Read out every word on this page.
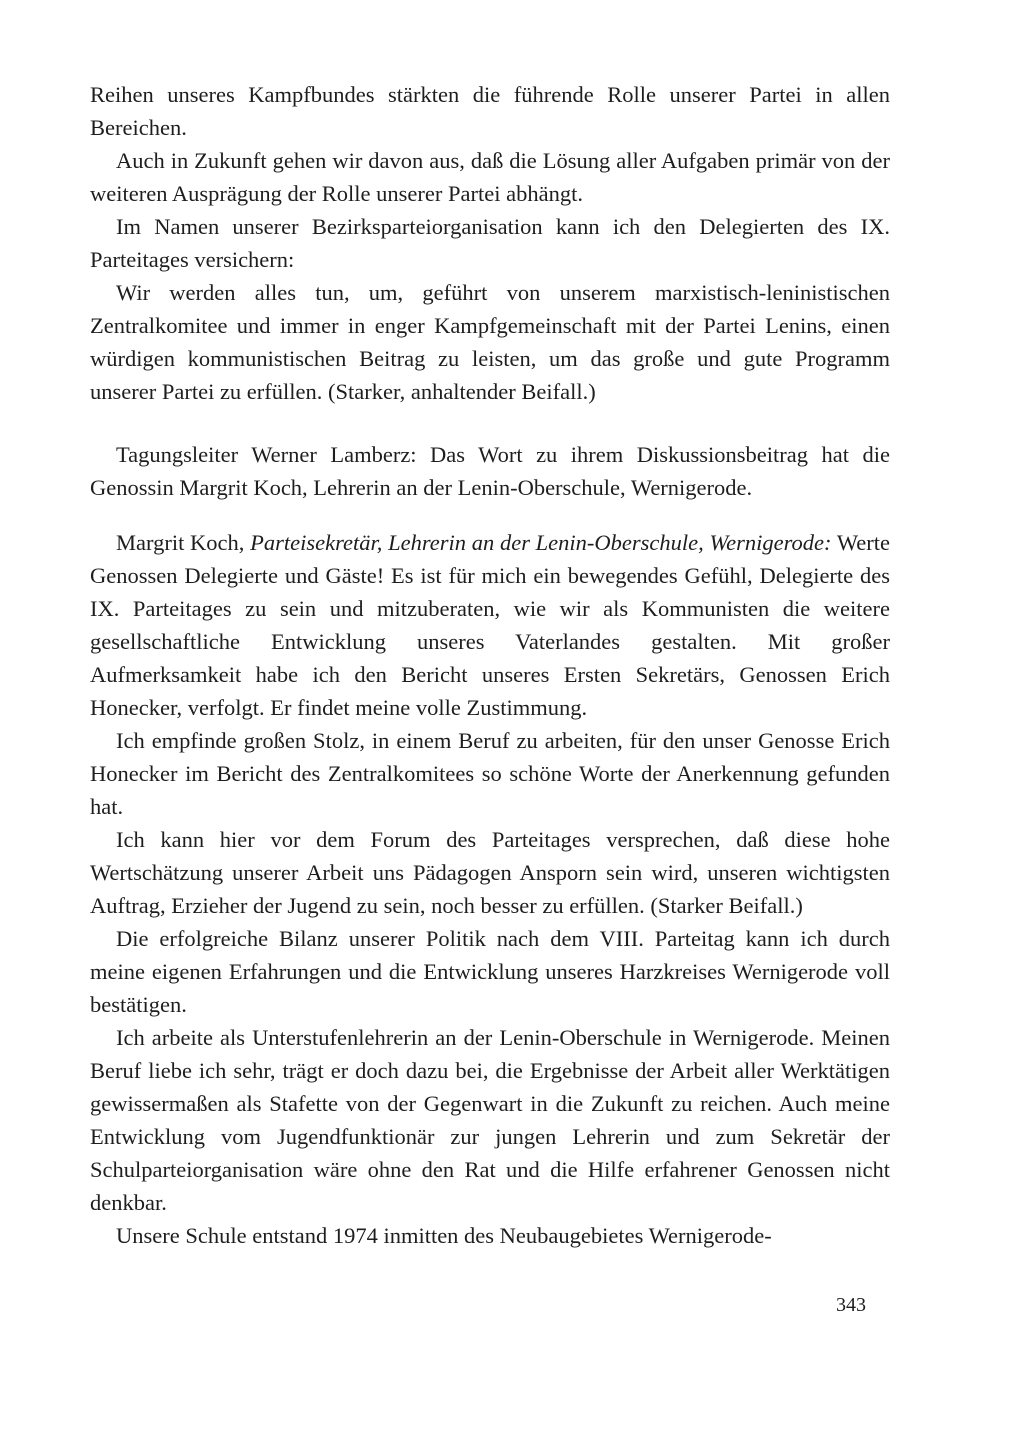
Reihen unseres Kampfbundes stärkten die führende Rolle unserer Partei in allen Bereichen.

Auch in Zukunft gehen wir davon aus, daß die Lösung aller Aufgaben primär von der weiteren Ausprägung der Rolle unserer Partei abhängt.

Im Namen unserer Bezirksparteiorganisation kann ich den Delegierten des IX. Parteitages versichern:

Wir werden alles tun, um, geführt von unserem marxistisch-leninistischen Zentralkomitee und immer in enger Kampfgemeinschaft mit der Partei Lenins, einen würdigen kommunistischen Beitrag zu leisten, um das große und gute Programm unserer Partei zu erfüllen. (Starker, anhaltender Beifall.)

Tagungsleiter Werner Lamberz: Das Wort zu ihrem Diskussionsbeitrag hat die Genossin Margrit Koch, Lehrerin an der Lenin-Oberschule, Wernigerode.

Margrit Koch, Parteisekretär, Lehrerin an der Lenin-Oberschule, Wernigerode: Werte Genossen Delegierte und Gäste! Es ist für mich ein bewegendes Gefühl, Delegierte des IX. Parteitages zu sein und mitzuberaten, wie wir als Kommunisten die weitere gesellschaftliche Entwicklung unseres Vaterlandes gestalten. Mit großer Aufmerksamkeit habe ich den Bericht unseres Ersten Sekretärs, Genossen Erich Honecker, verfolgt. Er findet meine volle Zustimmung.

Ich empfinde großen Stolz, in einem Beruf zu arbeiten, für den unser Genosse Erich Honecker im Bericht des Zentralkomitees so schöne Worte der Anerkennung gefunden hat.

Ich kann hier vor dem Forum des Parteitages versprechen, daß diese hohe Wertschätzung unserer Arbeit uns Pädagogen Ansporn sein wird, unseren wichtigsten Auftrag, Erzieher der Jugend zu sein, noch besser zu erfüllen. (Starker Beifall.)

Die erfolgreiche Bilanz unserer Politik nach dem VIII. Parteitag kann ich durch meine eigenen Erfahrungen und die Entwicklung unseres Harzkreises Wernigerode voll bestätigen.

Ich arbeite als Unterstufenlehrerin an der Lenin-Oberschule in Wernigerode. Meinen Beruf liebe ich sehr, trägt er doch dazu bei, die Ergebnisse der Arbeit aller Werktätigen gewissermaßen als Stafette von der Gegenwart in die Zukunft zu reichen. Auch meine Entwicklung vom Jugendfunktionär zur jungen Lehrerin und zum Sekretär der Schulparteiorganisation wäre ohne den Rat und die Hilfe erfahrener Genossen nicht denkbar.

Unsere Schule entstand 1974 inmitten des Neubaugebietes Wernigerode-

343
